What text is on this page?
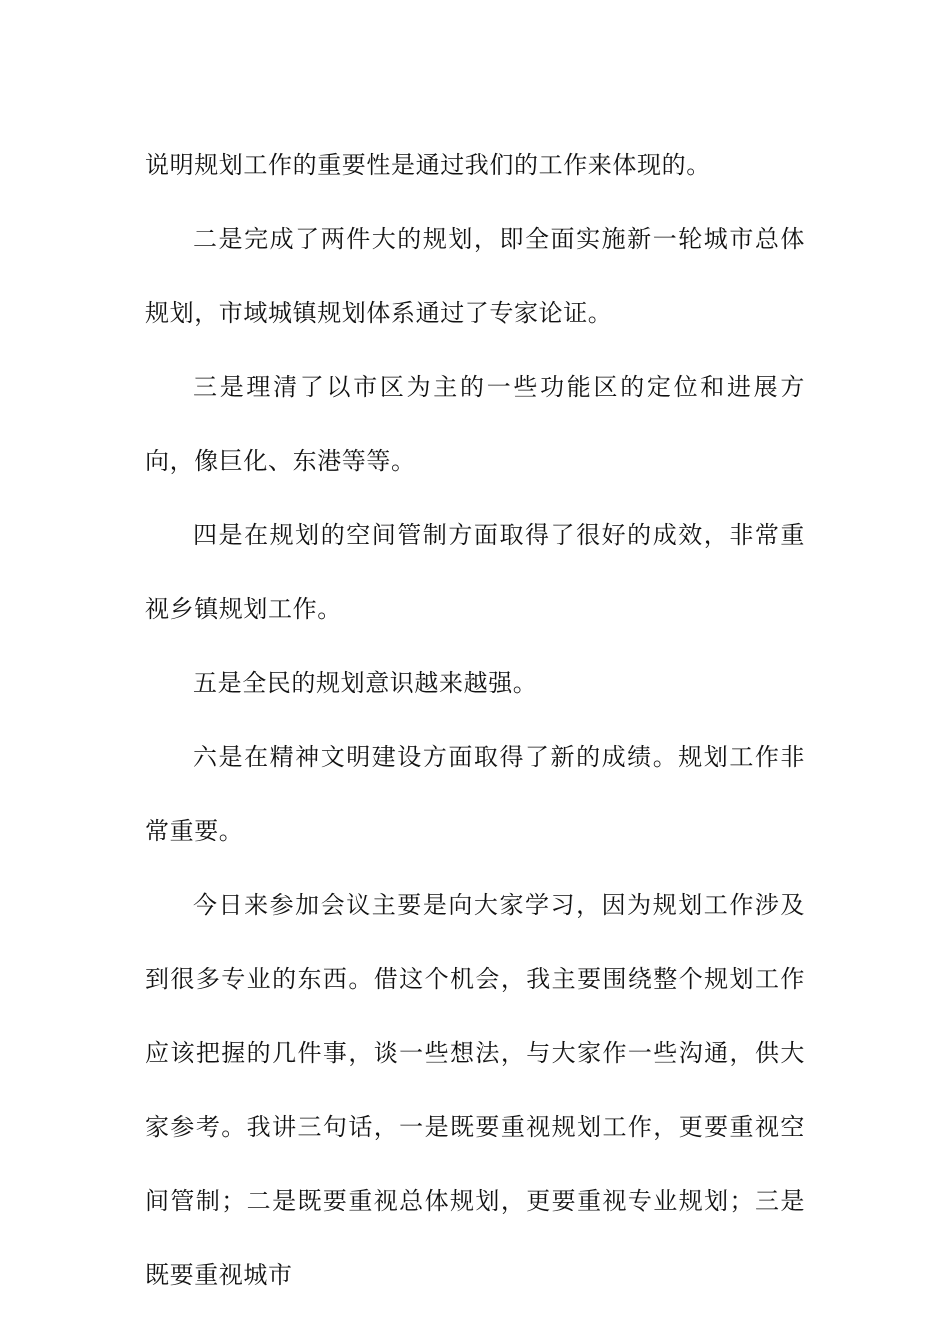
说明规划工作的重要性是通过我们的工作来体现的。

二是完成了两件大的规划，即全面实施新一轮城市总体规划，市域城镇规划体系通过了专家论证。

三是理清了以市区为主的一些功能区的定位和进展方向，像巨化、东港等等。

四是在规划的空间管制方面取得了很好的成效，非常重视乡镇规划工作。

五是全民的规划意识越来越强。

六是在精神文明建设方面取得了新的成绩。规划工作非常重要。

今日来参加会议主要是向大家学习，因为规划工作涉及到很多专业的东西。借这个机会，我主要围绕整个规划工作应该把握的几件事，谈一些想法，与大家作一些沟通，供大家参考。我讲三句话，一是既要重视规划工作，更要重视空间管制；二是既要重视总体规划，更要重视专业规划；三是既要重视城市
